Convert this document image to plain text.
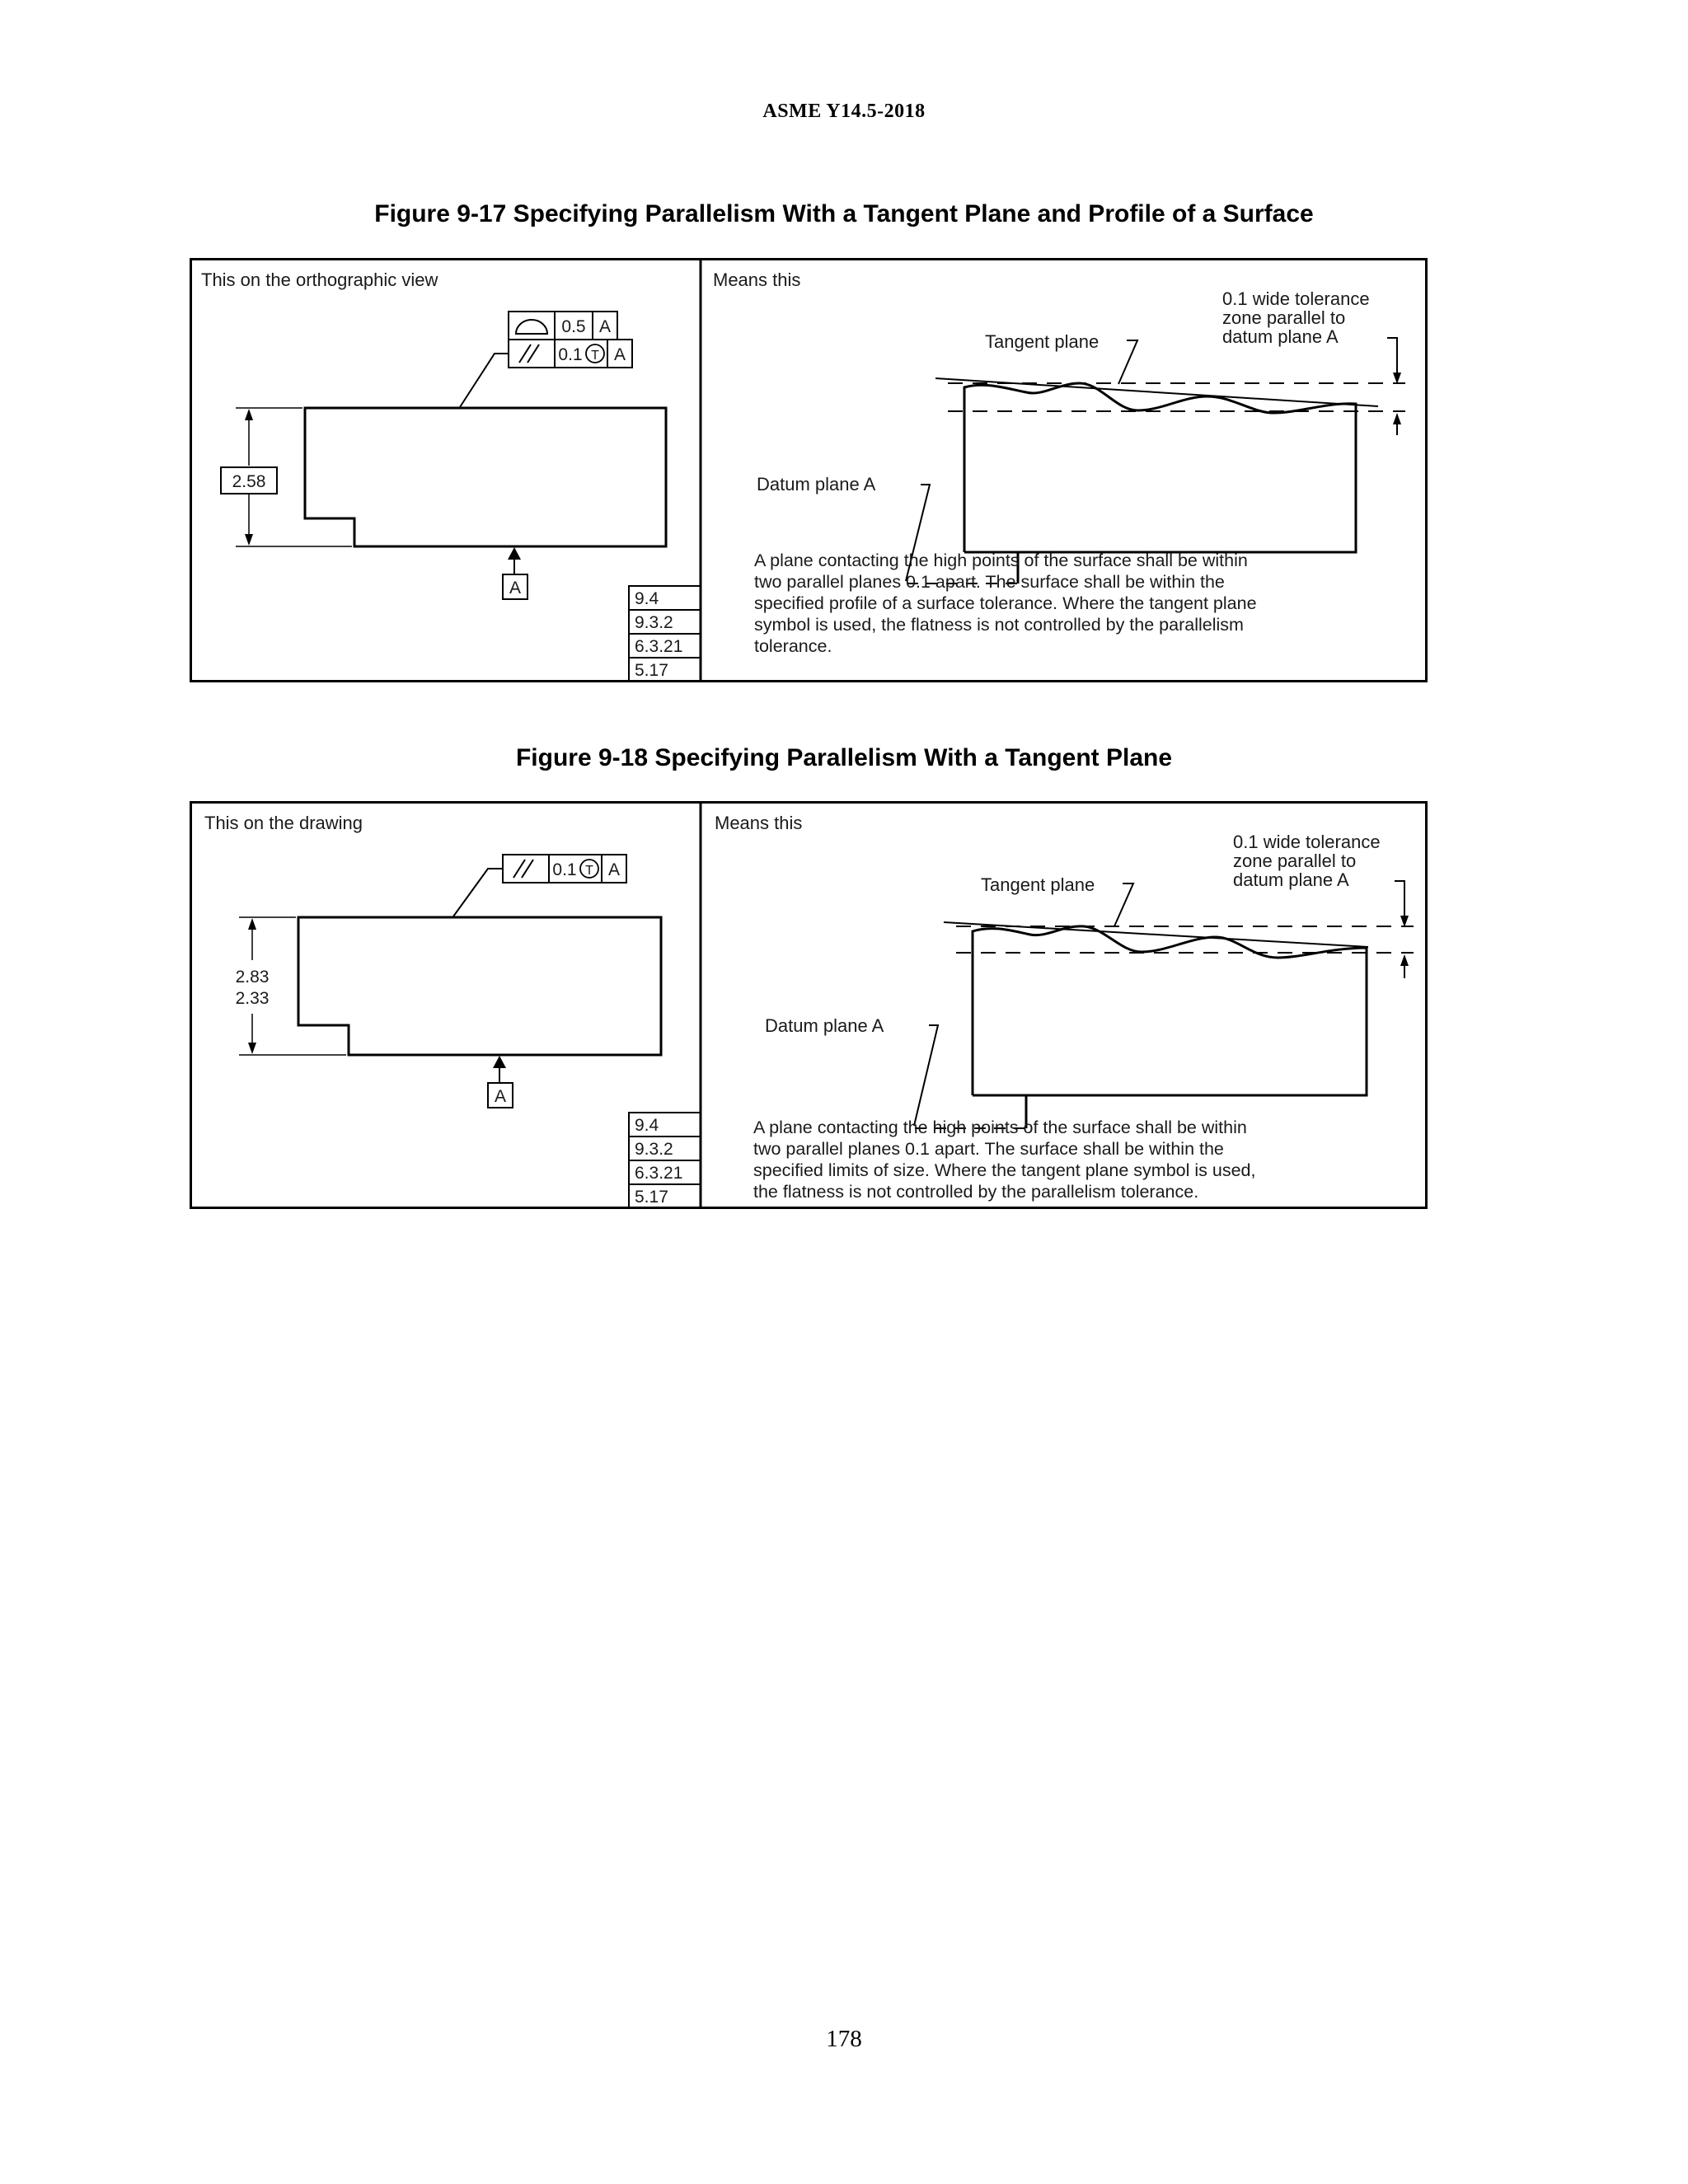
ASME Y14.5-2018
Figure 9-17 Specifying Parallelism With a Tangent Plane and Profile of a Surface
This on the orthographic view
0.5 A
0.1 T A
2.58
A
9.4
9.3.2
6.3.21
5.17
Means this
0.1 wide tolerance
zone parallel to
datum plane A
Tangent plane
Datum plane A
A plane contacting the high points of the surface shall be within
two parallel planes 0.1 apart. The surface shall be within the
specified profile of a surface tolerance. Where the tangent plane
symbol is used, the flatness is not controlled by the parallelism
tolerance.
Figure 9-18 Specifying Parallelism With a Tangent Plane
This on the drawing
0.1 T A
2.83
2.33
A
9.4
9.3.2
6.3.21
5.17
Means this
0.1 wide tolerance
zone parallel to
datum plane A
Tangent plane
Datum plane A
A plane contacting the high points of the surface shall be within
two parallel planes 0.1 apart. The surface shall be within the
specified limits of size. Where the tangent plane symbol is used,
the flatness is not controlled by the parallelism tolerance.
178
